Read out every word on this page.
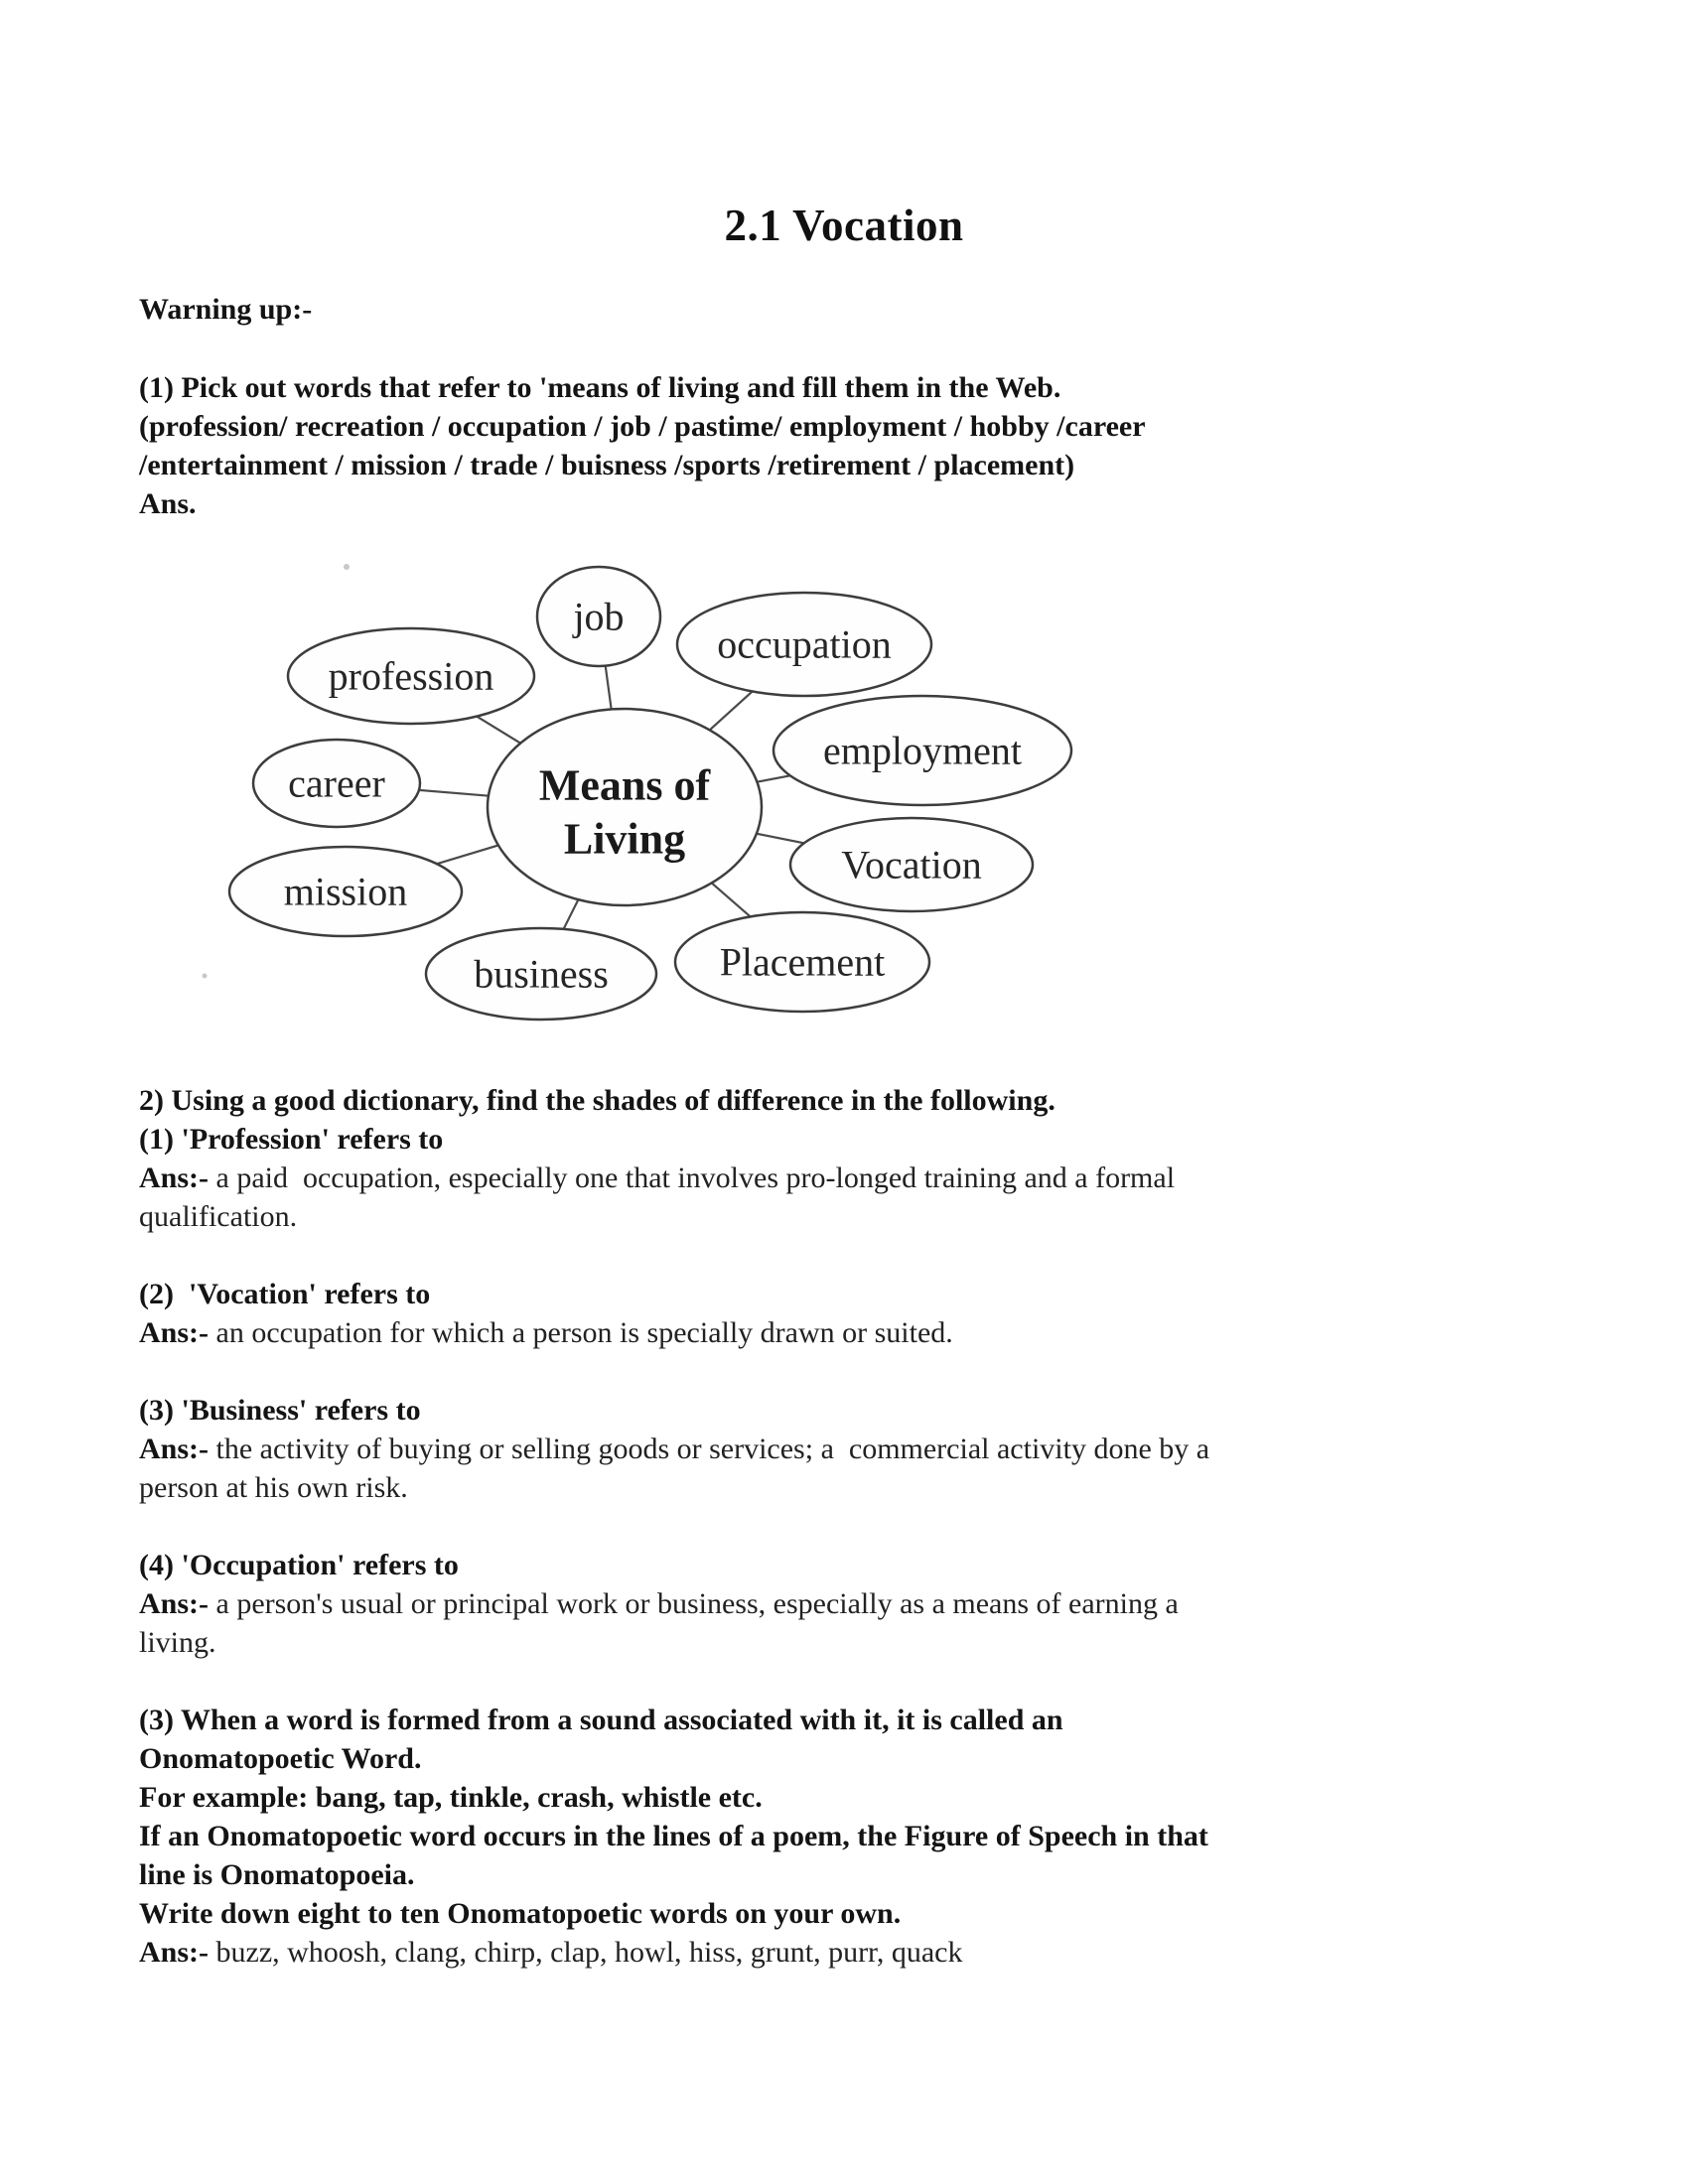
2.1 Vocation
Warning up:-
(1) Pick out words that refer to 'means of living and fill them in the Web.
(profession/ recreation / occupation / job / pastime/ employment / hobby /career
/entertainment / mission / trade / buisness /sports /retirement / placement)
Ans.
job
occupation
profession
employment
career
Vocation
mission
business	Placement
Means of
Living
2) Using a good dictionary, find the shades of difference in the following.
(1) 'Profession' refers to
Ans:- a paid  occupation, especially one that involves pro-longed training and a formal
qualification.
(2)  'Vocation' refers to
Ans:- an occupation for which a person is specially drawn or suited.
(3) 'Business' refers to
Ans:- the activity of buying or selling goods or services; a  commercial activity done by a
person at his own risk.
(4) 'Occupation' refers to
Ans:- a person's usual or principal work or business, especially as a means of earning a
living.
(3) When a word is formed from a sound associated with it, it is called an
Onomatopoetic Word.
For example: bang, tap, tinkle, crash, whistle etc.
If an Onomatopoetic word occurs in the lines of a poem, the Figure of Speech in that
line is Onomatopoeia.
Write down eight to ten Onomatopoetic words on your own.
Ans:- buzz, whoosh, clang, chirp, clap, howl, hiss, grunt, purr, quack
